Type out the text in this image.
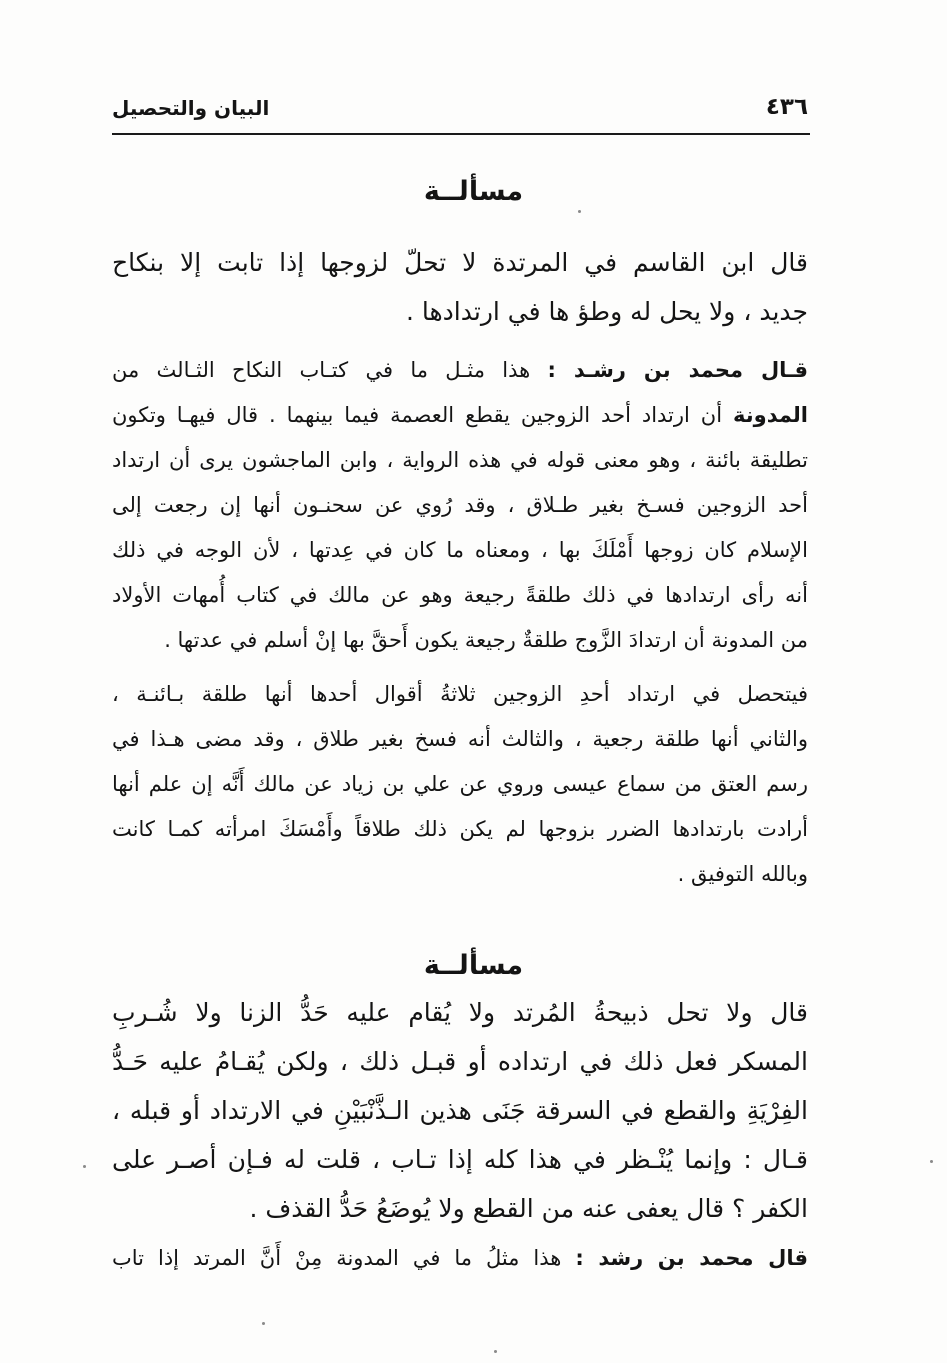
٤٣٦
البيان والتحصيل
مسألــة
قال ابن القاسم في المرتدة لا تحلّ لزوجها إذا تابت إلا بنكاح
جديد ، ولا يحل له وطؤ ها في ارتدادها .
قـال محمد بن رشـد : هذا مثـل ما في كتـاب النكاح الثـالث من
المدونة أن ارتداد أحد الزوجين يقطع العصمة فيما بينهما . قال فيهـا وتكون
تطليقة بائنة ، وهو معنى قوله في هذه الرواية ، وابن الماجشون يرى أن ارتداد
أحد الزوجين فسـخ بغير طـلاق ، وقد رُوي عن سحنـون أنها إن رجعت إلى
الإسلام كان زوجها أَمْلَكَ بها ، ومعناه ما كان في عِدتها ، لأن الوجه في ذلك
أنه رأى ارتدادها في ذلك طلقةً رجيعة وهو عن مالك في كتاب أُمهات الأولاد
من المدونة أن ارتدادَ الزَّوج طلقةٌ رجيعة يكون أَحقَّ بها إنْ أسلم في عدتها .
فيتحصل في ارتداد أحدِ الزوجين ثلاثةُ أقوال أحدها أنها طلقة بـائنـة ،
والثاني أنها طلقة رجعية ، والثالث أنه فسخ بغير طلاق ، وقد مضى هـذا في
رسم العتق من سماع عيسى وروي عن علي بن زياد عن مالك أَنَّه إن علم أنها
أرادت بارتدادها الضرر بزوجها لم يكن ذلك طلاقاً وأَمْسَكَ امرأته كمـا كانت
وبالله التوفيق .
مسألــة
قال ولا تحل ذبيحةُ المُرتد ولا يُقام عليه حَدُّ الزنا ولا شُـربِ
المسكر فعل ذلك في ارتداده أو قبـل ذلك ، ولكن يُقـامُ عليه حَـدُّ
الفِرْيَةِ والقطع في السرقة جَنَى هذين الـذَّنْبَيْنِ في الارتداد أو قبله ،
قـال : وإنما يُنْـظر في هذا كله إذا تـاب ، قلت له فـإن أصـر على
الكفر ؟ قال يعفى عنه من القطع ولا يُوضَعُ حَدُّ القذف .
قال محمد بن رشد : هذا مثلُ ما في المدونة مِنْ أَنَّ المرتد إذا تاب
